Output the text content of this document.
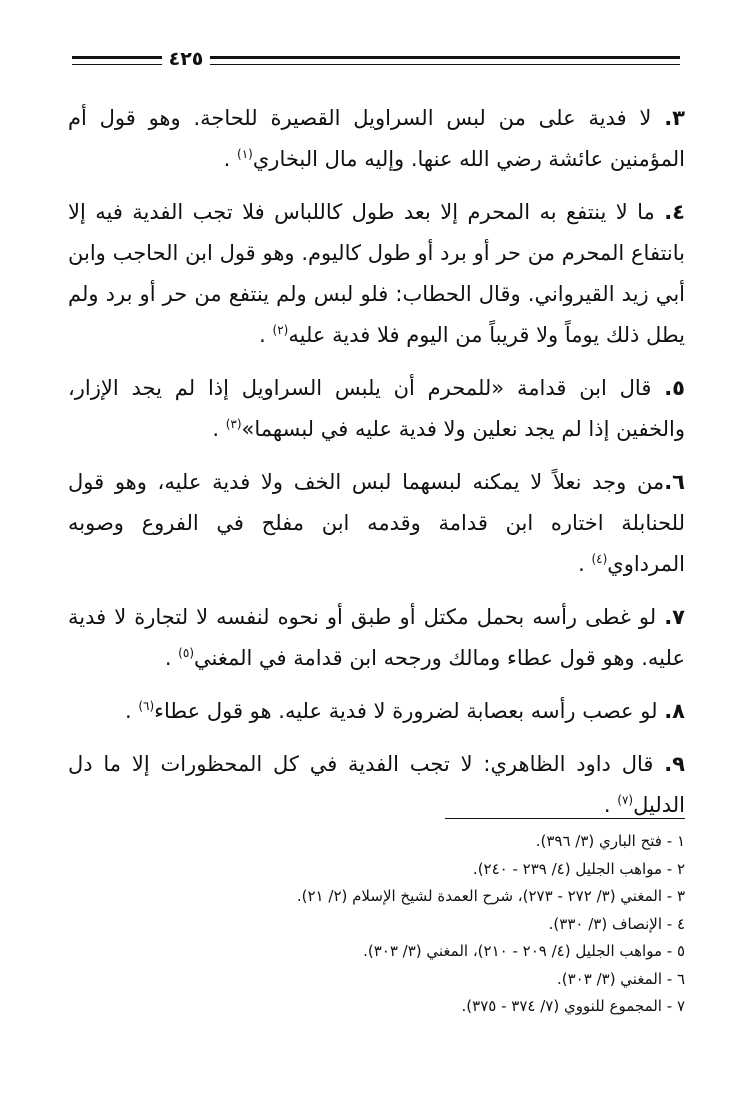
٤٢٥

٣. لا فدية على من لبس السراويل القصيرة للحاجة. وهو قول أم المؤمنين عائشة رضي الله عنها. وإليه مال البخاري$^{(١)}$ .

٤. ما لا ينتفع به المحرم إلا بعد طول كاللباس فلا تجب الفدية فيه إلا بانتفاع المحرم من حر أو برد أو طول كاليوم. وهو قول ابن الحاجب وابن أبي زيد القيرواني. وقال الحطاب: فلو لبس ولم ينتفع من حر أو برد ولم يطل ذلك يوماً ولا قريباً من اليوم فلا فدية عليه$^{(٢)}$ .

٥. قال ابن قدامة «للمحرم أن يلبس السراويل إذا لم يجد الإزار، والخفين إذا لم يجد نعلين ولا فدية عليه في لبسهما»$^{(٣)}$ .

٦.من وجد نعلاً لا يمكنه لبسهما لبس الخف ولا فدية عليه، وهو قول للحنابلة اختاره ابن قدامة وقدمه ابن مفلح في الفروع وصوبه المرداوي$^{(٤)}$ .

٧. لو غطى رأسه بحمل مكتل أو طبق أو نحوه لنفسه لا لتجارة لا فدية عليه. وهو قول عطاء ومالك ورجحه ابن قدامة في المغني$^{(٥)}$ .

٨. لو عصب رأسه بعصابة لضرورة لا فدية عليه. هو قول عطاء$^{(٦)}$ .

٩. قال داود الظاهري: لا تجب الفدية في كل المحظورات إلا ما دل الدليل$^{(٧)}$ .

١ - فتح الباري (٣/ ٣٩٦).
٢ - مواهب الجليل (٤/ ٢٣٩ - ٢٤٠).
٣ - المغني (٣/ ٢٧٢ - ٢٧٣)، شرح العمدة لشيخ الإسلام (٢/ ٢١).
٤ - الإنصاف (٣/ ٣٣٠).
٥ - مواهب الجليل (٤/ ٢٠٩ - ٢١٠)، المغني (٣/ ٣٠٣).
٦ - المغني (٣/ ٣٠٣).
٧ - المجموع للنووي (٧/ ٣٧٤ - ٣٧٥).
